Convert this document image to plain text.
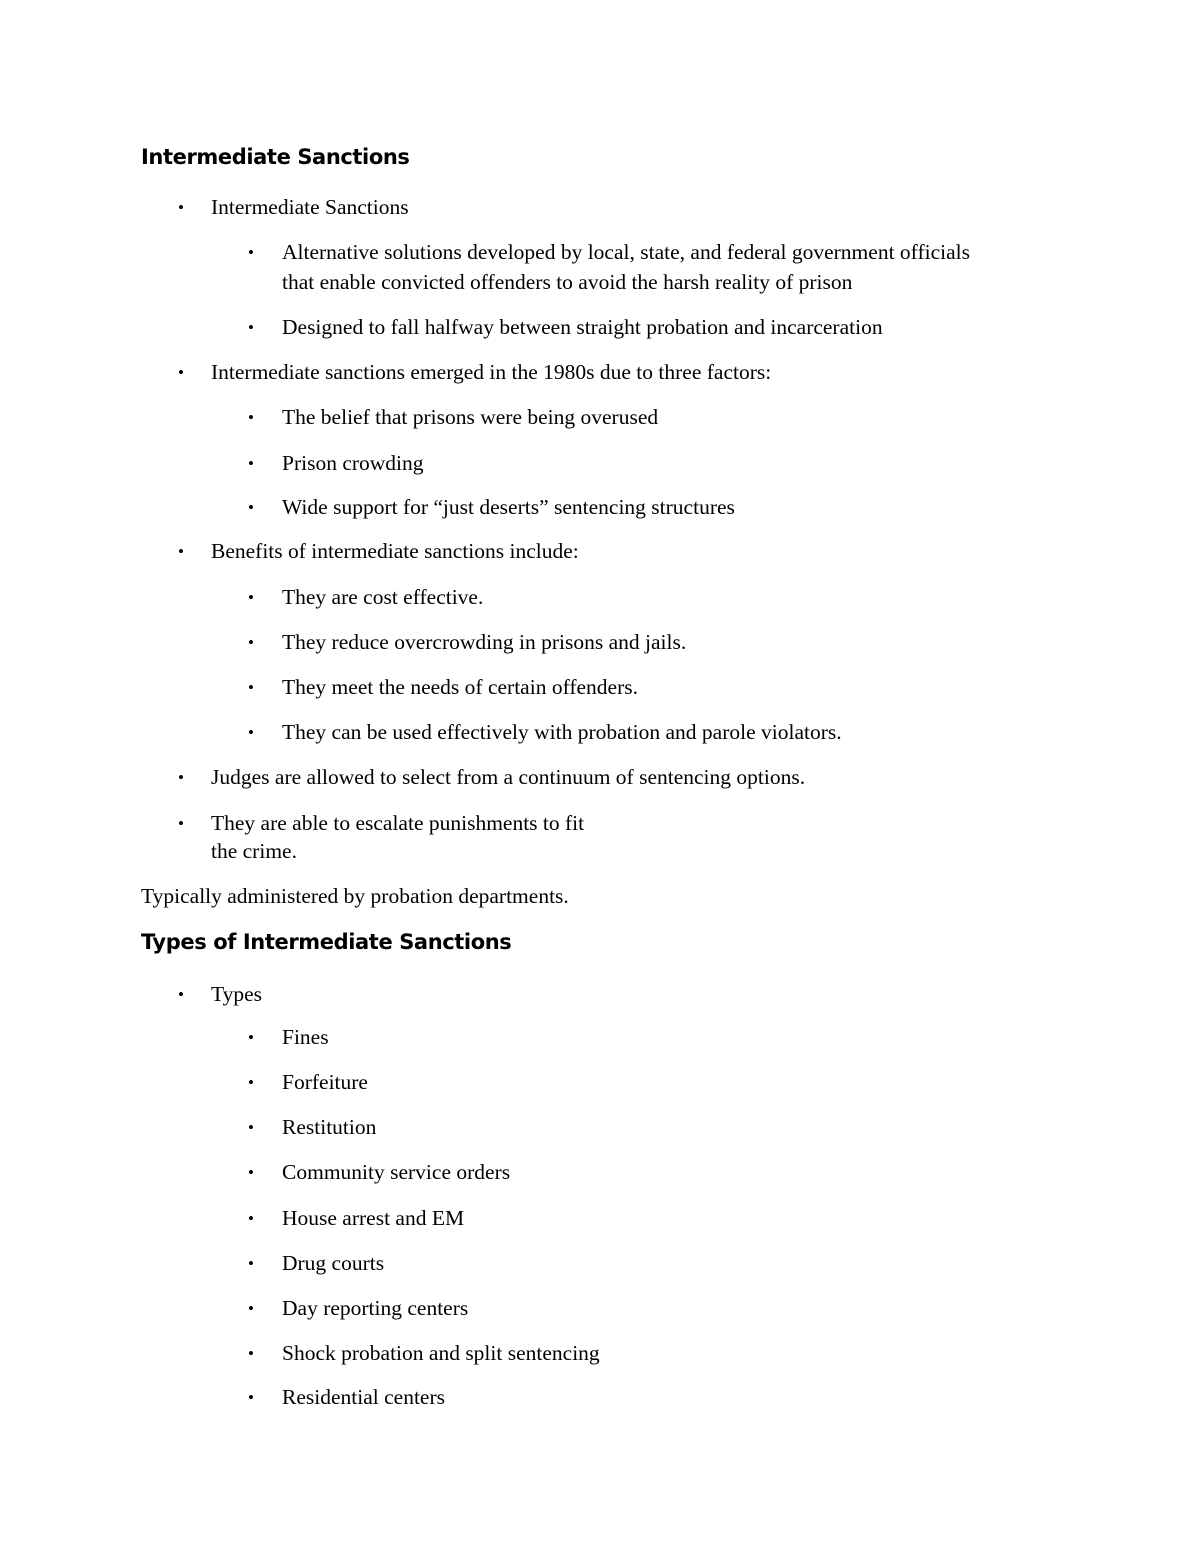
Intermediate Sanctions
• Intermediate Sanctions
• Alternative solutions developed by local, state, and federal government officials
that enable convicted offenders to avoid the harsh reality of prison
• Designed to fall halfway between straight probation and incarceration
• Intermediate sanctions emerged in the 1980s due to three factors:
• The belief that prisons were being overused
• Prison crowding
• Wide support for “just deserts” sentencing structures
• Benefits of intermediate sanctions include:
• They are cost effective.
• They reduce overcrowding in prisons and jails.
• They meet the needs of certain offenders.
• They can be used effectively with probation and parole violators.
• Judges are allowed to select from a continuum of sentencing options.
• They are able to escalate punishments to fit
the crime.

Typically administered by probation departments.

Types of Intermediate Sanctions
• Types
• Fines
• Forfeiture
• Restitution
• Community service orders
• House arrest and EM
• Drug courts
• Day reporting centers
• Shock probation and split sentencing
• Residential centers
